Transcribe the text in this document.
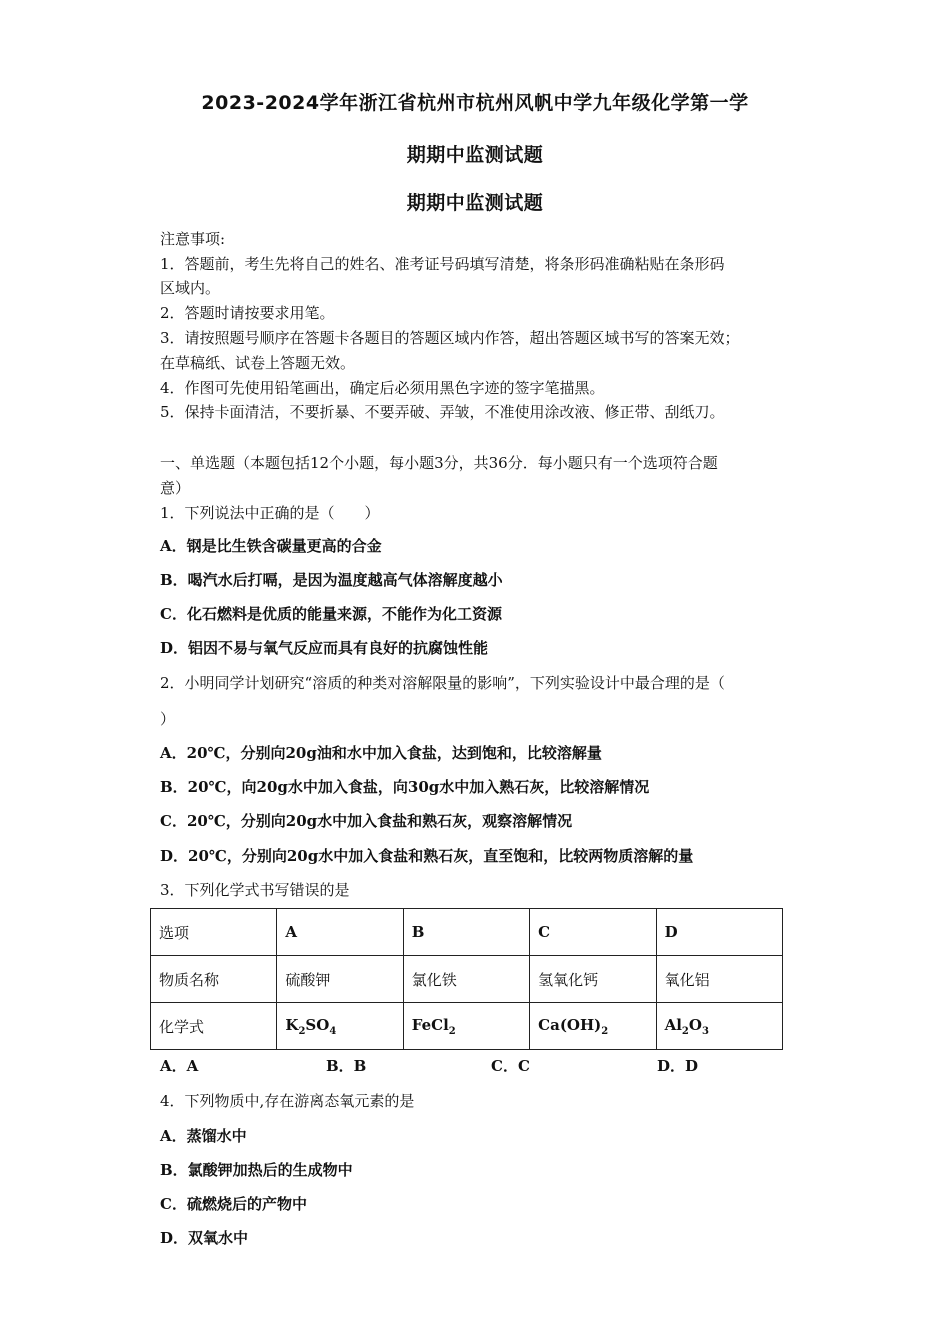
2023-2024学年浙江省杭州市杭州风帆中学九年级化学第一学
期期中监测试题
期期中监测试题
注意事项:
1．答题前，考生先将自己的姓名、准考证号码填写清楚，将条形码准确粘贴在条形码
区域内。
2．答题时请按要求用笔。
3．请按照题号顺序在答题卡各题目的答题区域内作答，超出答题区域书写的答案无效；
在草稿纸、试卷上答题无效。
4．作图可先使用铅笔画出，确定后必须用黑色字迹的签字笔描黑。
5．保持卡面清洁，不要折暴、不要弄破、弄皱，不准使用涂改液、修正带、刮纸刀。
一、单选题（本题包括12个小题，每小题3分，共36分．每小题只有一个选项符合题
意）
1．下列说法中正确的是（　　）
A．钢是比生铁含碳量更高的合金
B．喝汽水后打嗝，是因为温度越高气体溶解度越小
C．化石燃料是优质的能量来源，不能作为化工资源
D．铝因不易与氧气反应而具有良好的抗腐蚀性能
2．小明同学计划研究“溶质的种类对溶解限量的影响”，下列实验设计中最合理的是（
）
A．20℃，分别向20g油和水中加入食盐，达到饱和，比较溶解量
B．20℃，向20g水中加入食盐，向30g水中加入熟石灰，比较溶解情况
C．20℃，分别向20g水中加入食盐和熟石灰，观察溶解情况
D．20℃，分别向20g水中加入食盐和熟石灰，直至饱和，比较两物质溶解的量
3．下列化学式书写错误的是
选项	A	B	C	D
物质名称	硫酸钾	氯化铁	氢氧化钙	氧化铝
化学式	$K_2SO_4$	FeCl$_2$	$Ca(OH)_2$	$Al_2O_3$
A．A	B．B	C．C	D．D
4．下列物质中,存在游离态氧元素的是
A．蒸馏水中
B．氯酸钾加热后的生成物中
C．硫燃烧后的产物中
D．双氧水中
